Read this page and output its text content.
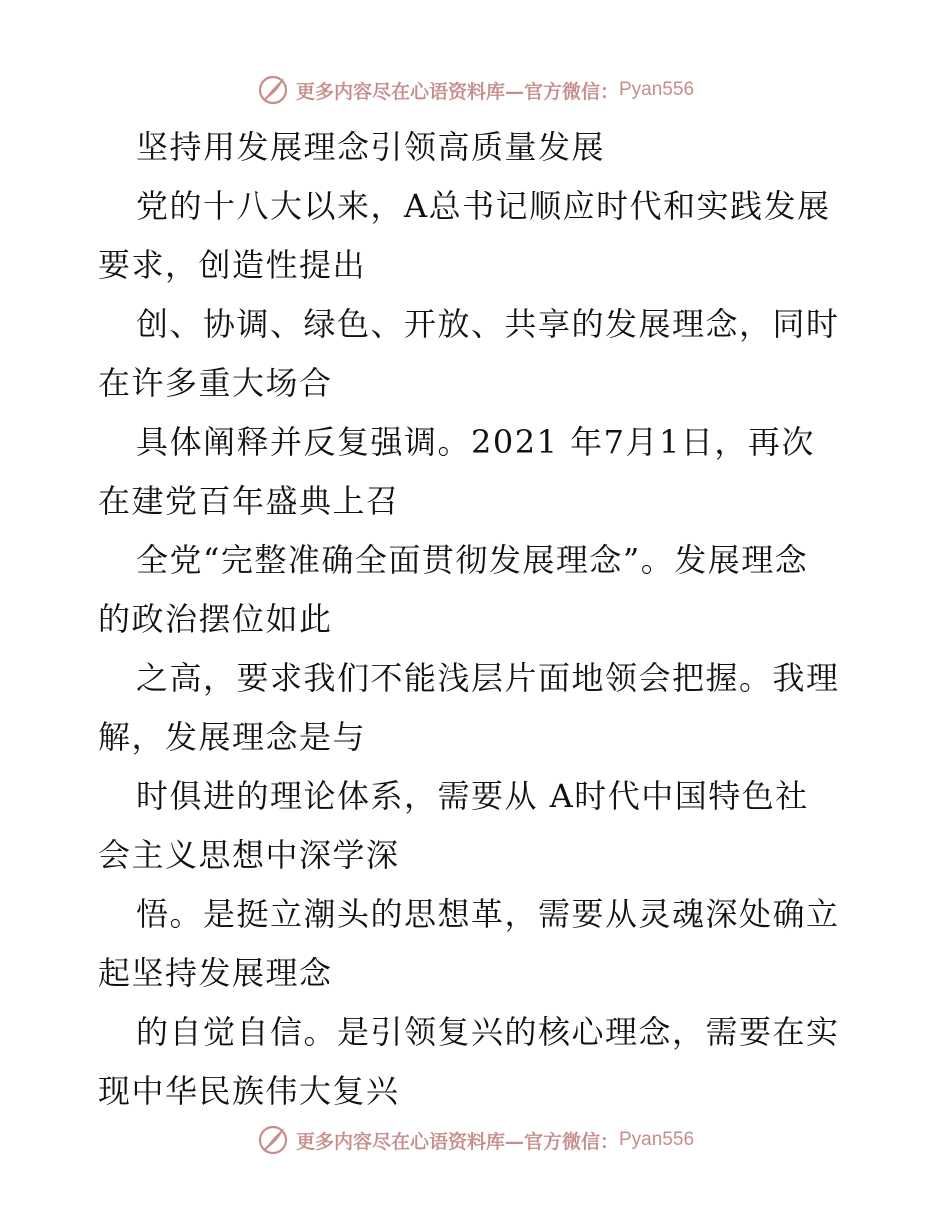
更多内容尽在心语资料库—官方微信： Pyan556
坚持用发展理念引领高质量发展
党的十八大以来，A总书记顺应时代和实践发展
要求，创造性提出
创、协调、绿色、开放、共享的发展理念，同时
在许多重大场合
具体阐释并反复强调。2021 年7月1日，再次
在建党百年盛典上召
全党“完整准确全面贯彻发展理念”。发展理念
的政治摆位如此
之高，要求我们不能浅层片面地领会把握。我理
解，发展理念是与
时俱进的理论体系，需要从 A时代中国特色社
会主义思想中深学深
悟。是挺立潮头的思想革，需要从灵魂深处确立
起坚持发展理念
的自觉自信。是引领复兴的核心理念，需要在实
现中华民族伟大复兴
更多内容尽在心语资料库—官方微信： Pyan556
